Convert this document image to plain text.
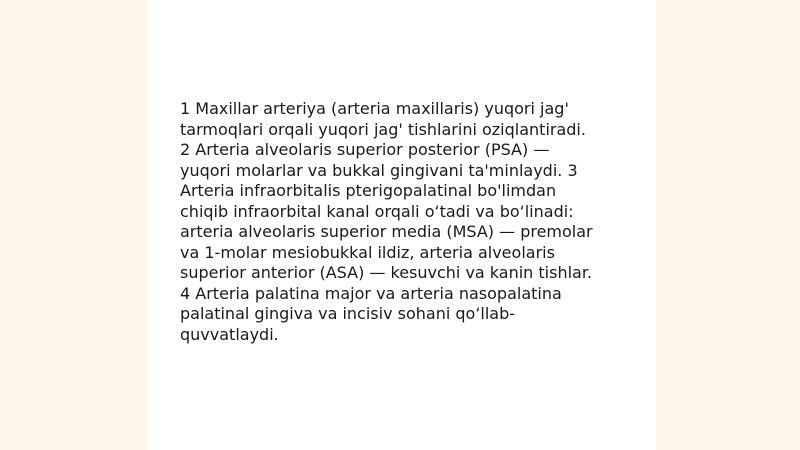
1 Maxillar arteriya (arteria maxillaris) yuqori jag' tarmoqlari orqali yuqori jag' tishlarini oziqlantiradi. 2 Arteria alveolaris superior posterior (PSA) — yuqori molarlar va bukkal gingivani ta'minlaydi. 3 Arteria infraorbitalis pterigopalatinal bo'limdan chiqib infraorbital kanal orqali o‘tadi va bo‘linadi: arteria alveolaris superior media (MSA) — premolar va 1-molar mesiobukkal ildiz, arteria alveolaris superior anterior (ASA) — kesuvchi va kanin tishlar. 4 Arteria palatina major va arteria nasopalatina palatinal gingiva va incisiv sohani qo‘llab-quvvatlaydi.
